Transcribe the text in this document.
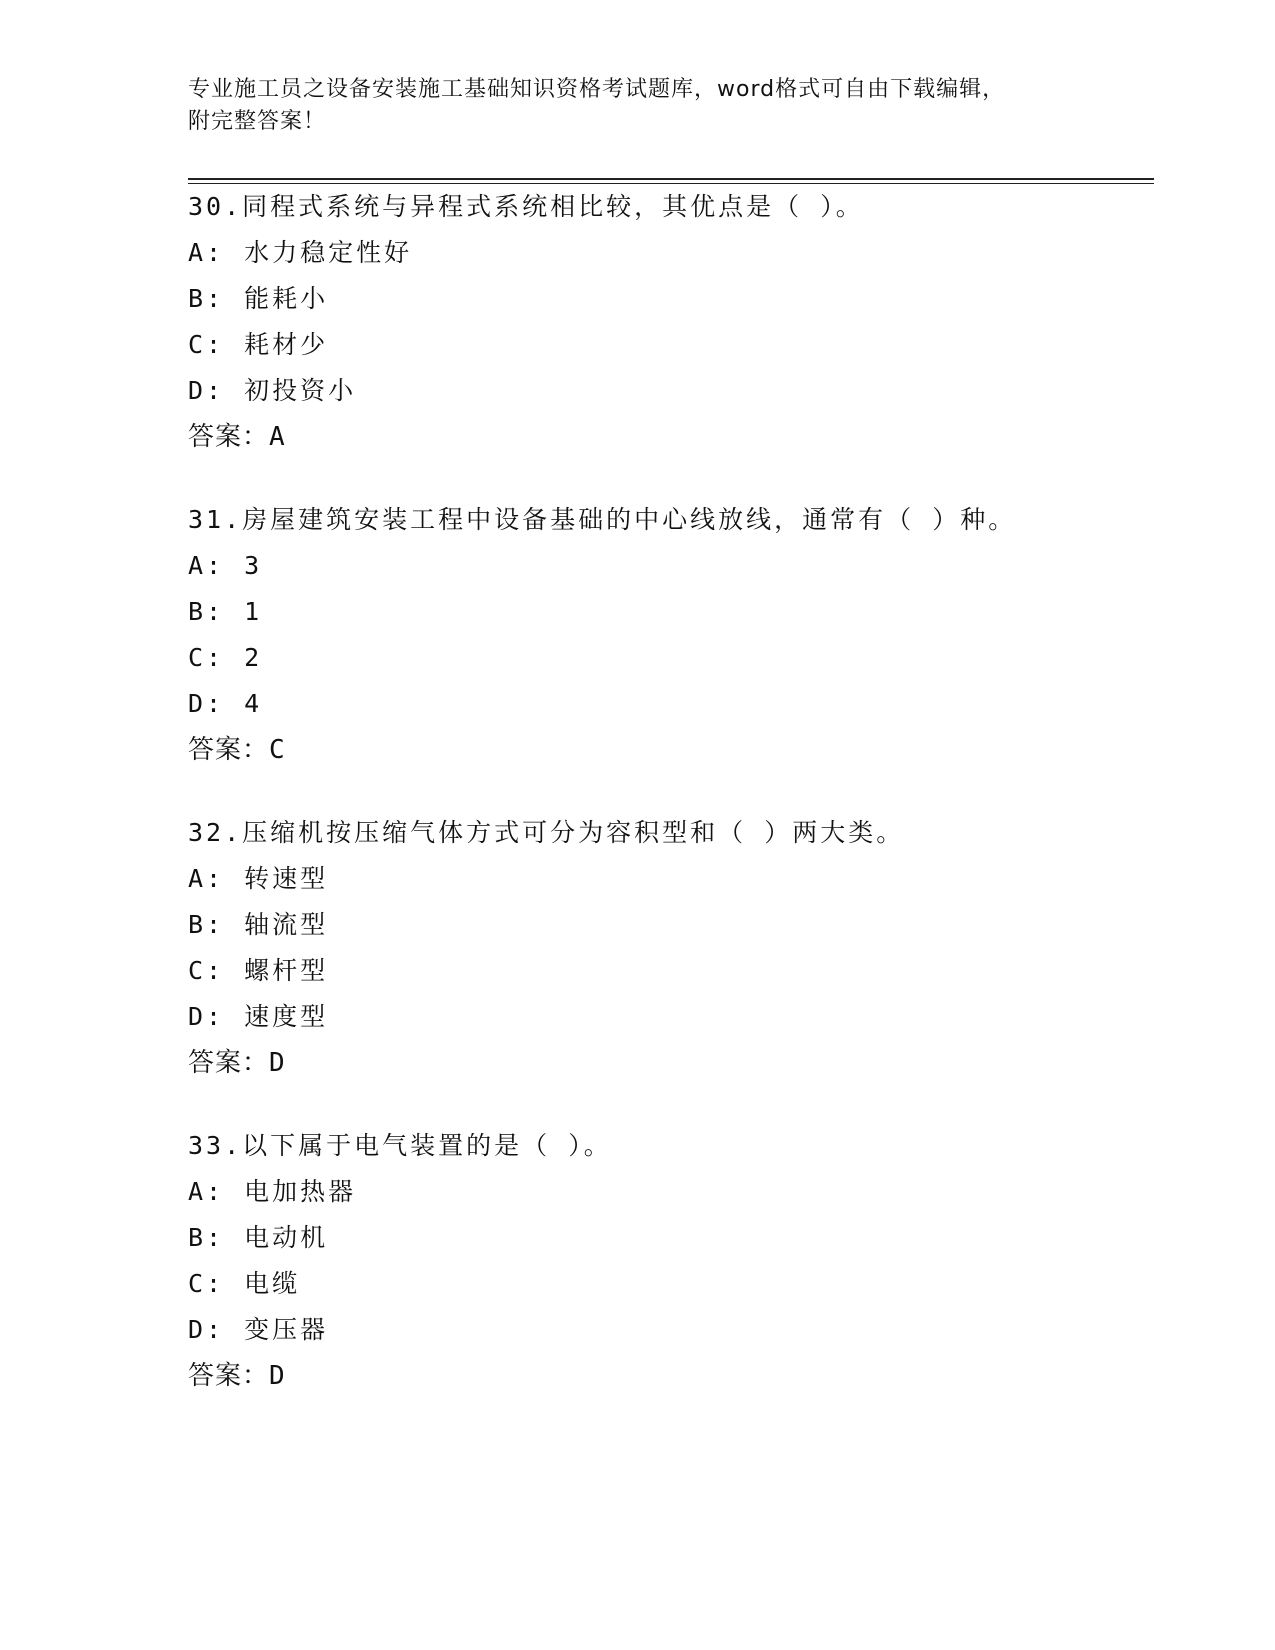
专业施工员之设备安装施工基础知识资格考试题库，word格式可自由下载编辑，
附完整答案！
30.同程式系统与异程式系统相比较，其优点是（ ）。
A: 水力稳定性好
B: 能耗小
C: 耗材少
D: 初投资小
答案：A
31.房屋建筑安装工程中设备基础的中心线放线，通常有（ ）种。
A: 3
B: 1
C: 2
D: 4
答案：C
32.压缩机按压缩气体方式可分为容积型和（ ）两大类。
A: 转速型
B: 轴流型
C: 螺杆型
D: 速度型
答案：D
33.以下属于电气装置的是（ ）。
A: 电加热器
B: 电动机
C: 电缆
D: 变压器
答案：D
